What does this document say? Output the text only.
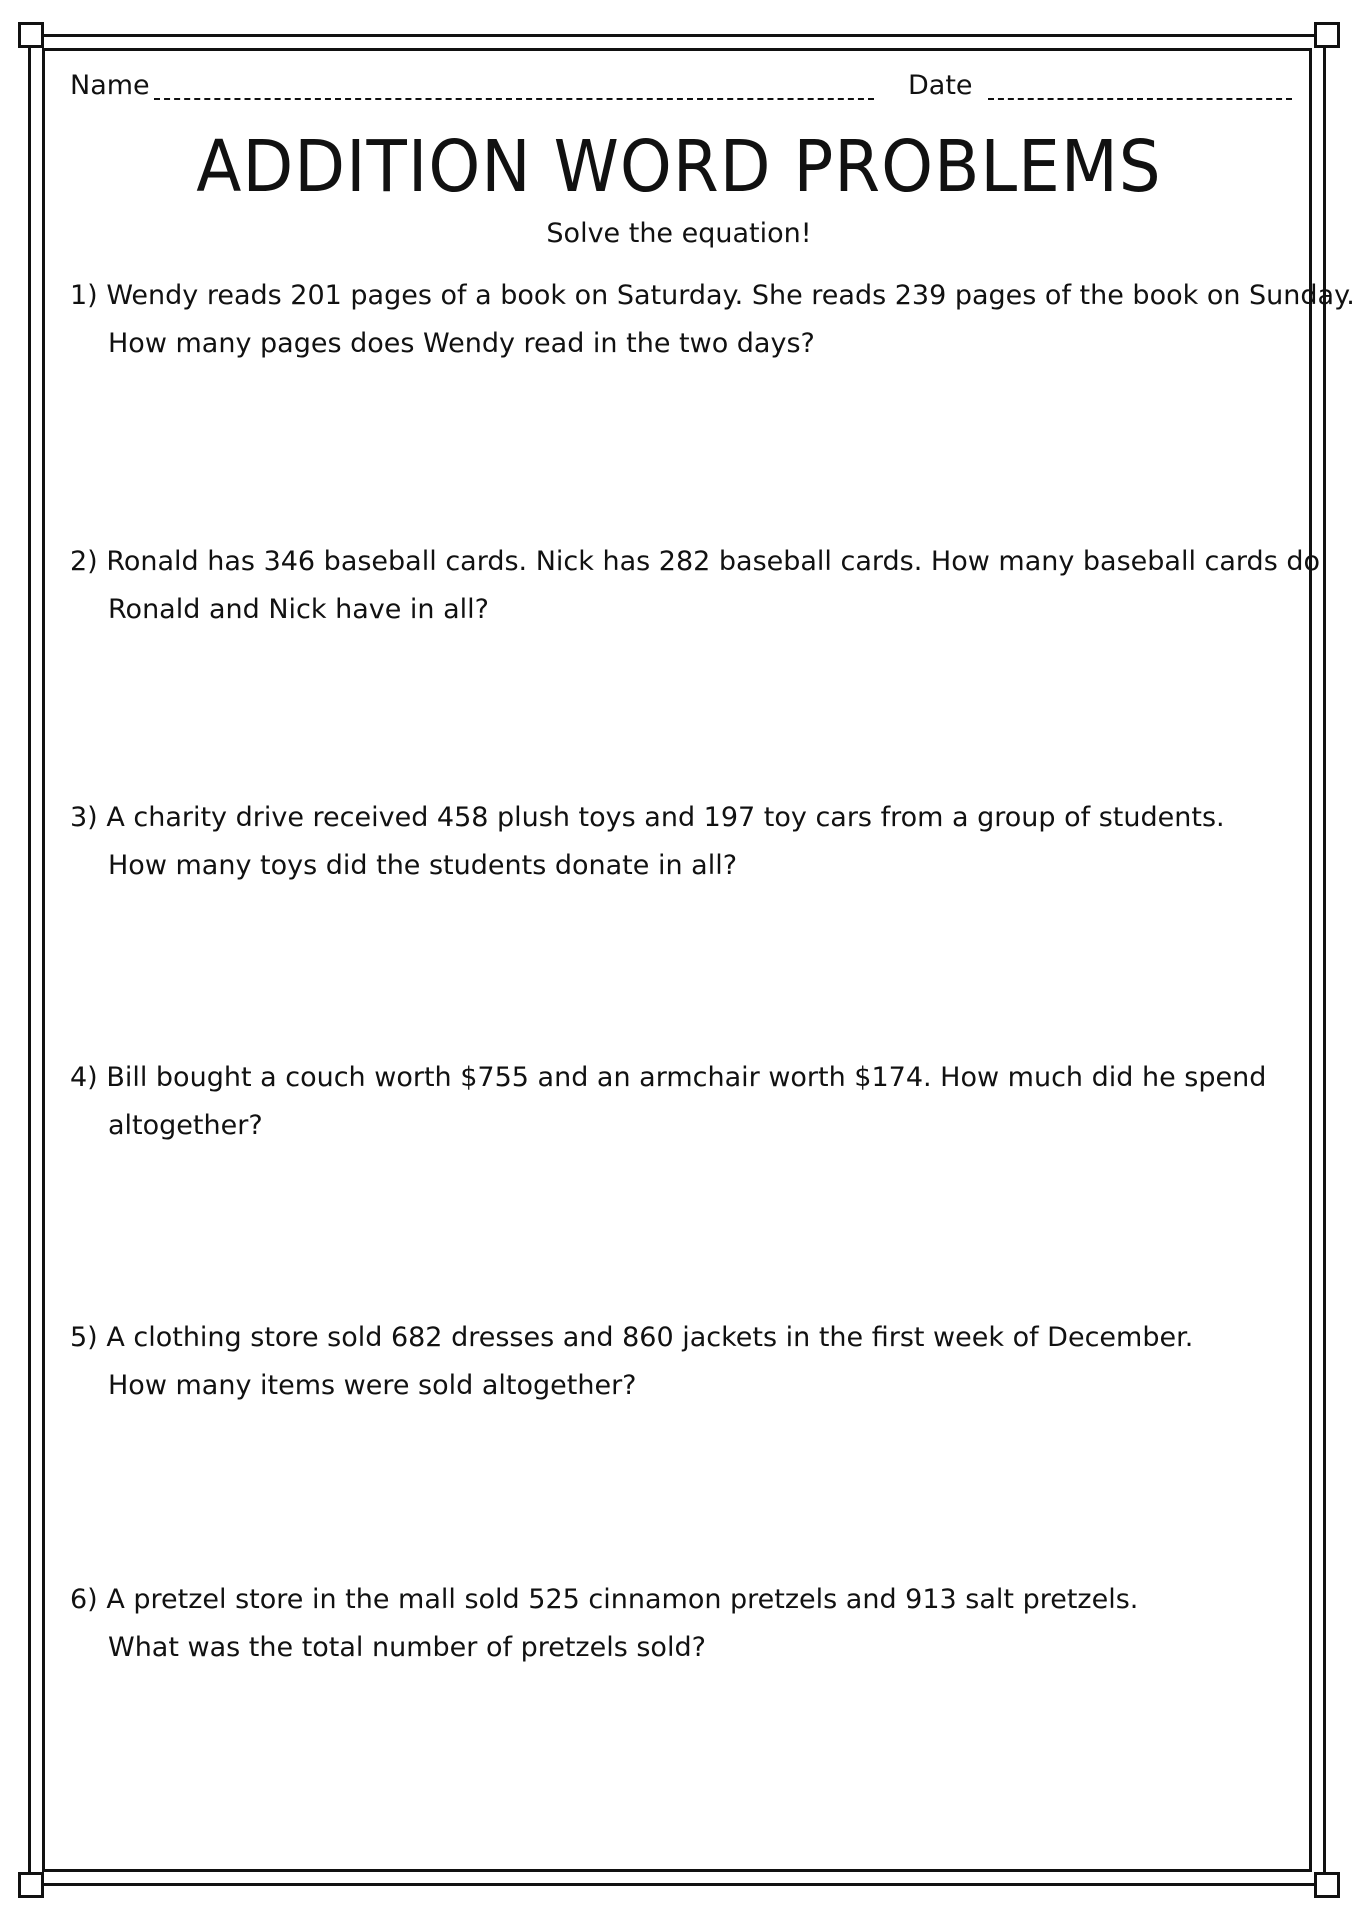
Name	Date
ADDITION WORD PROBLEMS
Solve the equation!
1) Wendy reads 201 pages of a book on Saturday. She reads 239 pages of the book on Sunday.
How many pages does Wendy read in the two days?
2) Ronald has 346 baseball cards. Nick has 282 baseball cards. How many baseball cards do
Ronald and Nick have in all?
3) A charity drive received 458 plush toys and 197 toy cars from a group of students.
How many toys did the students donate in all?
4) Bill bought a couch worth $755 and an armchair worth $174. How much did he spend
altogether?
5) A clothing store sold 682 dresses and 860 jackets in the first week of December.
How many items were sold altogether?
6) A pretzel store in the mall sold 525 cinnamon pretzels and 913 salt pretzels.
What was the total number of pretzels sold?
